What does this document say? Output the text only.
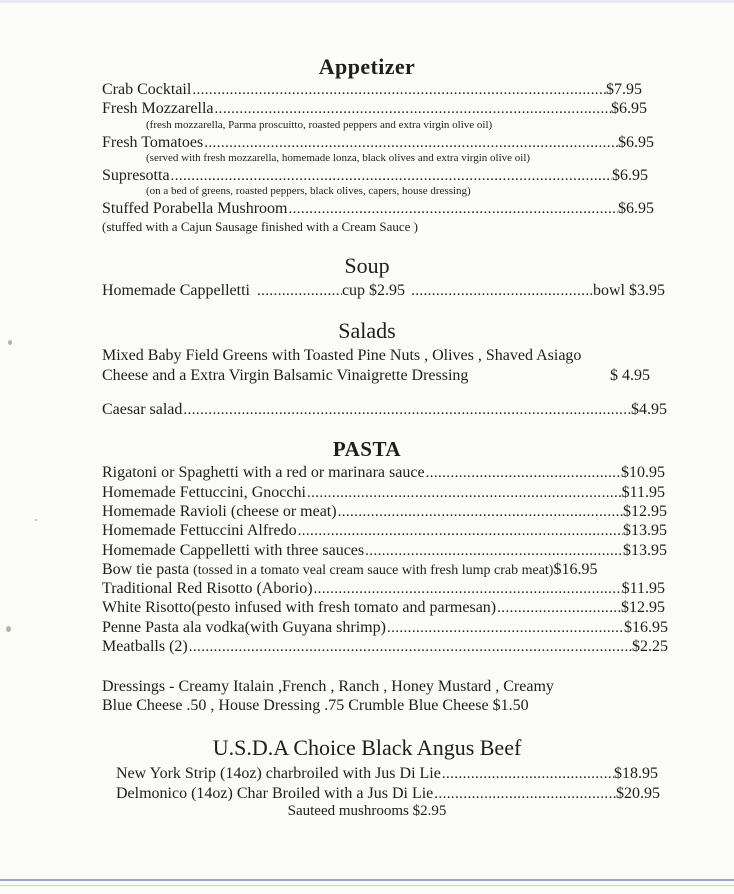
Appetizer
Crab Cocktail .....	$7.95
Fresh Mozzarella .....	$6.95
(fresh mozzarella, Parma proscuitto, roasted peppers and extra virgin olive oil)
Fresh Tomatoes .....	$6.95
(served with fresh mozzarella, homemade lonza, black olives and extra virgin olive oil)
Supresotta .....	$6.95
(on a bed of greens, roasted peppers, black olives, capers, house dressing)
Stuffed Porabella Mushroom .....	$6.95
(stuffed with a Cajun Sausage finished with a Cream Sauce )
Soup
Homemade Cappelletti .....	cup $2.95 .....	bowl $3.95
Salads
Mixed Baby Field Greens with Toasted Pine Nuts , Olives , Shaved Asiago
Cheese and a Extra Virgin Balsamic Vinaigrette Dressing	$ 4.95
Caesar salad .....	$4.95
PASTA
Rigatoni or Spaghetti with a red or marinara sauce .....	$10.95
Homemade Fettuccini, Gnocchi .....	$11.95
Homemade Ravioli (cheese or meat) .....	$12.95
Homemade Fettuccini Alfredo .....	$13.95
Homemade Cappelletti with three sauces .....	$13.95
Bow tie pasta (tossed in a tomato veal cream sauce with fresh lump crab meat) $16.95
Traditional Red Risotto (Aborio) .....	$11.95
White Risotto(pesto infused with fresh tomato and parmesan) .....	$12.95
Penne Pasta ala vodka(with Guyana shrimp) .....	$16.95
Meatballs (2) .....	$2.25
Dressings - Creamy Italain ,French , Ranch , Honey Mustard , Creamy
Blue Cheese .50 , House Dressing .75 Crumble Blue Cheese $1.50
U.S.D.A Choice Black Angus Beef
New York Strip (14oz) charbroiled with Jus Di Lie .....	$18.95
Delmonico (14oz) Char Broiled with a Jus Di Lie .....	$20.95
Sauteed mushrooms $2.95
